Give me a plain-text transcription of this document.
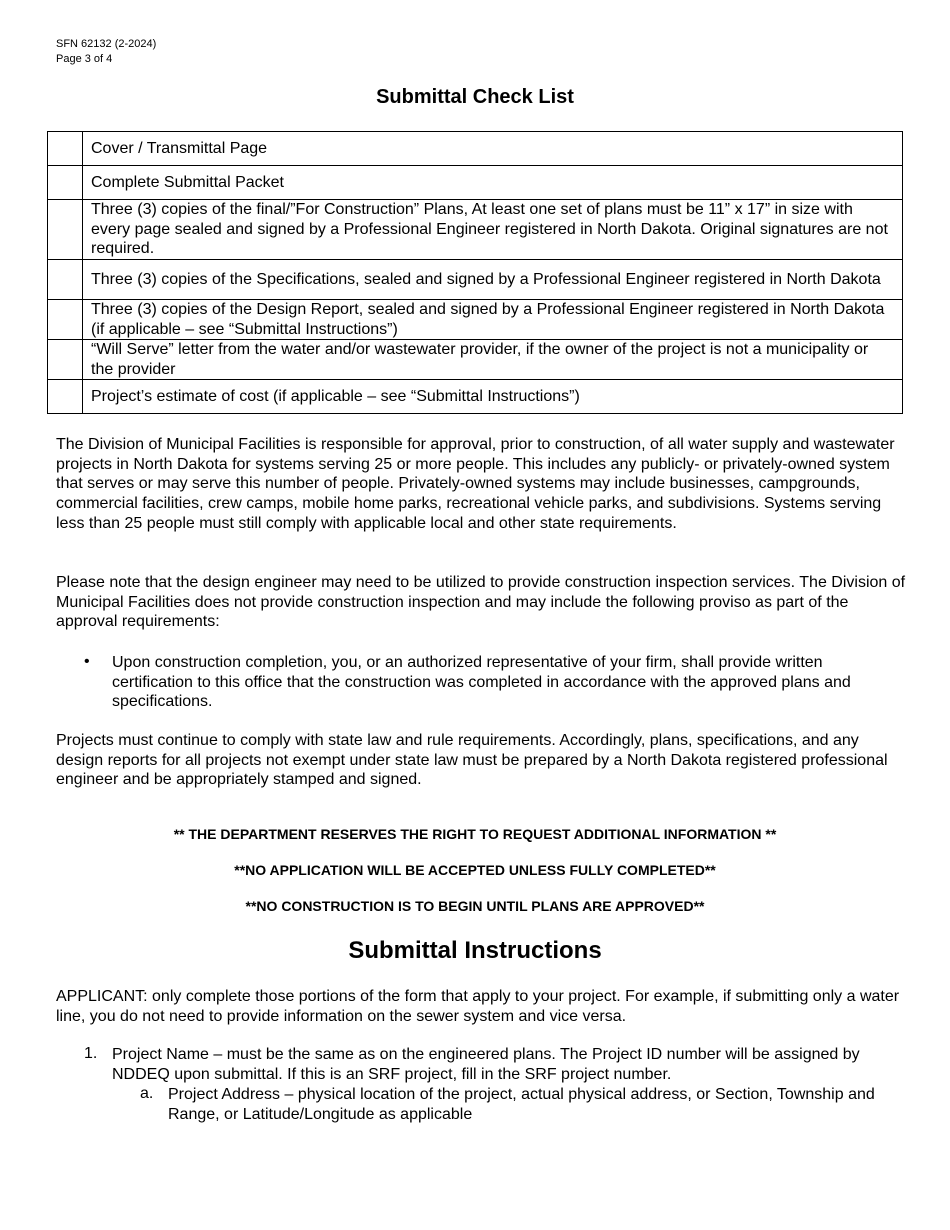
SFN 62132 (2-2024)
Page 3 of 4
Submittal Check List
	Cover / Transmittal Page
	Complete Submittal Packet
	Three (3) copies of the final/”For Construction” Plans, At least one set of plans must be 11” x 17” in size with every page sealed and signed by a Professional Engineer registered in North Dakota. Original signatures are not required.
	Three (3) copies of the Specifications, sealed and signed by a Professional Engineer registered in North Dakota
	Three (3) copies of the Design Report, sealed and signed by a Professional Engineer registered in North Dakota (if applicable – see “Submittal Instructions”)
	“Will Serve” letter from the water and/or wastewater provider, if the owner of the project is not a municipality or the provider
	Project’s estimate of cost (if applicable – see “Submittal Instructions”)

The Division of Municipal Facilities is responsible for approval, prior to construction, of all water supply and wastewater projects in North Dakota for systems serving 25 or more people. This includes any publicly- or privately-owned system that serves or may serve this number of people. Privately-owned systems may include businesses, campgrounds, commercial facilities, crew camps, mobile home parks, recreational vehicle parks, and subdivisions. Systems serving less than 25 people must still comply with applicable local and other state requirements.

Please note that the design engineer may need to be utilized to provide construction inspection services. The Division of Municipal Facilities does not provide construction inspection and may include the following proviso as part of the approval requirements:

• Upon construction completion, you, or an authorized representative of your firm, shall provide written certification to this office that the construction was completed in accordance with the approved plans and specifications.

Projects must continue to comply with state law and rule requirements. Accordingly, plans, specifications, and any design reports for all projects not exempt under state law must be prepared by a North Dakota registered professional engineer and be appropriately stamped and signed.

** THE DEPARTMENT RESERVES THE RIGHT TO REQUEST ADDITIONAL INFORMATION **
**NO APPLICATION WILL BE ACCEPTED UNLESS FULLY COMPLETED**
**NO CONSTRUCTION IS TO BEGIN UNTIL PLANS ARE APPROVED**
Submittal Instructions

APPLICANT: only complete those portions of the form that apply to your project. For example, if submitting only a water line, you do not need to provide information on the sewer system and vice versa.

1. Project Name – must be the same as on the engineered plans. The Project ID number will be assigned by NDDEQ upon submittal. If this is an SRF project, fill in the SRF project number.

a. Project Address – physical location of the project, actual physical address, or Section, Township and Range, or Latitude/Longitude as applicable
